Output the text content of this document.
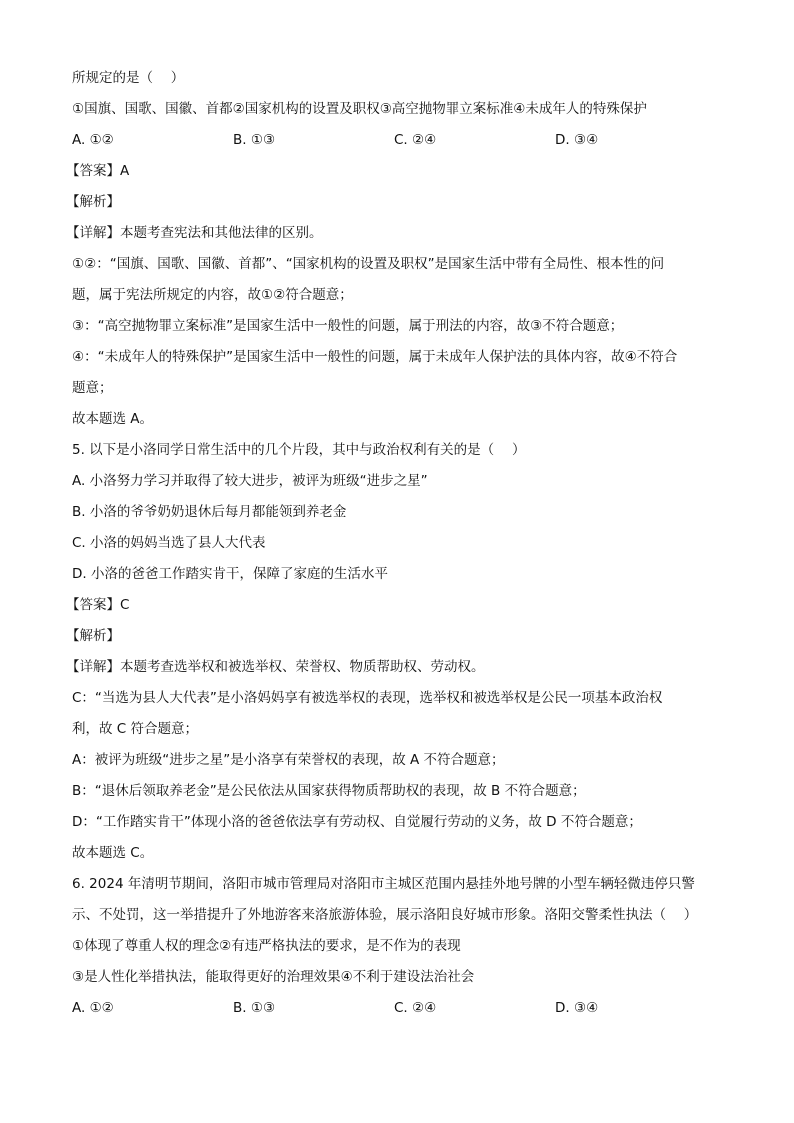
所规定的是（　 ）
①国旗、国歌、国徽、首都②国家机构的设置及职权③高空抛物罪立案标准④未成年人的特殊保护
A. ①②	B. ①③	C. ②④	D. ③④
【答案】A
【解析】
【详解】本题考查宪法和其他法律的区别。
①②：“国旗、国歌、国徽、首都”、“国家机构的设置及职权”是国家生活中带有全局性、根本性的问
题，属于宪法所规定的内容，故①②符合题意；
③：“高空抛物罪立案标准”是国家生活中一般性的问题，属于刑法的内容，故③不符合题意；
④：“未成年人的特殊保护”是国家生活中一般性的问题，属于未成年人保护法的具体内容，故④不符合
题意；
故本题选 A。
5. 以下是小洛同学日常生活中的几个片段，其中与政治权利有关的是（　 ）
A. 小洛努力学习并取得了较大进步，被评为班级“进步之星”
B. 小洛的爷爷奶奶退休后每月都能领到养老金
C. 小洛的妈妈当选了县人大代表
D. 小洛的爸爸工作踏实肯干，保障了家庭的生活水平
【答案】C
【解析】
【详解】本题考查选举权和被选举权、荣誉权、物质帮助权、劳动权。
C：“当选为县人大代表”是小洛妈妈享有被选举权的表现，选举权和被选举权是公民一项基本政治权
利，故 C 符合题意；
A：被评为班级“进步之星”是小洛享有荣誉权的表现，故 A 不符合题意；
B：“退休后领取养老金”是公民依法从国家获得物质帮助权的表现，故 B 不符合题意；
D：“工作踏实肯干”体现小洛的爸爸依法享有劳动权、自觉履行劳动的义务，故 D 不符合题意；
故本题选 C。
6. 2024 年清明节期间，洛阳市城市管理局对洛阳市主城区范围内悬挂外地号牌的小型车辆轻微违停只警
示、不处罚，这一举措提升了外地游客来洛旅游体验，展示洛阳良好城市形象。洛阳交警柔性执法（　 ）
①体现了尊重人权的理念②有违严格执法的要求，是不作为的表现
③是人性化举措执法，能取得更好的治理效果④不利于建设法治社会
A. ①②	B. ①③	C. ②④	D. ③④
